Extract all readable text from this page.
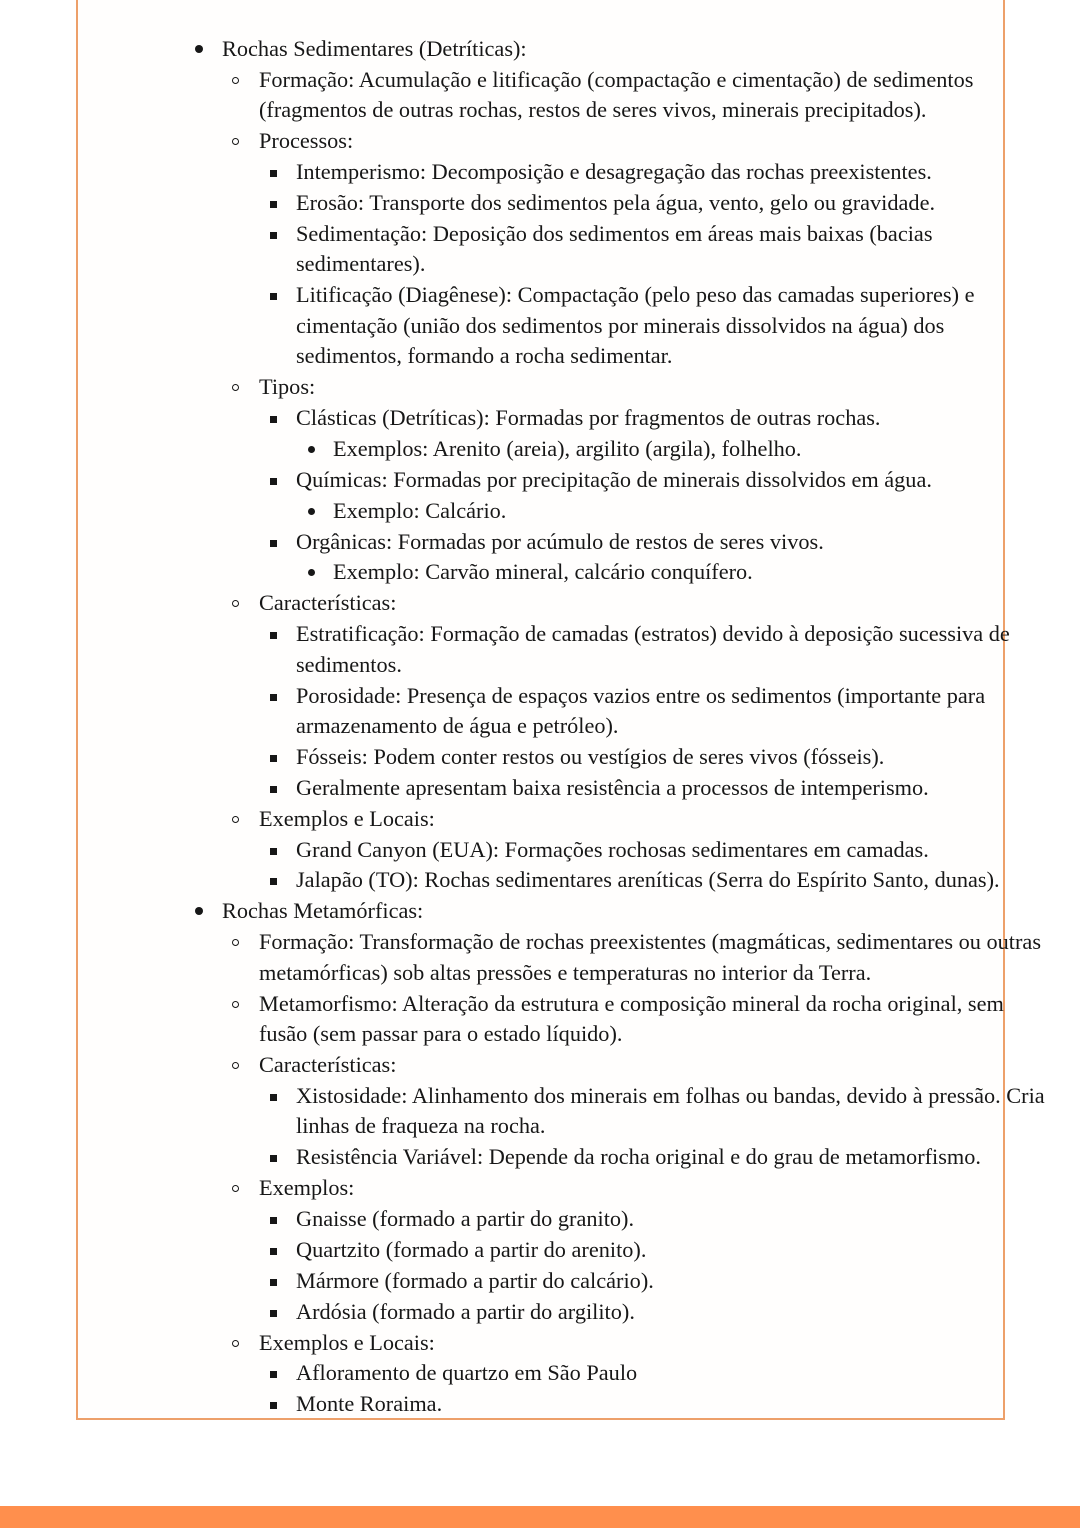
Rochas Sedimentares (Detríticas):
Formação: Acumulação e litificação (compactação e cimentação) de sedimentos (fragmentos de outras rochas, restos de seres vivos, minerais precipitados).
Processos:
Intemperismo: Decomposição e desagregação das rochas preexistentes.
Erosão: Transporte dos sedimentos pela água, vento, gelo ou gravidade.
Sedimentação: Deposição dos sedimentos em áreas mais baixas (bacias sedimentares).
Litificação (Diagênese): Compactação (pelo peso das camadas superiores) e cimentação (união dos sedimentos por minerais dissolvidos na água) dos sedimentos, formando a rocha sedimentar.
Tipos:
Clásticas (Detríticas): Formadas por fragmentos de outras rochas.
Exemplos: Arenito (areia), argilito (argila), folhelho.
Químicas: Formadas por precipitação de minerais dissolvidos em água.
Exemplo: Calcário.
Orgânicas: Formadas por acúmulo de restos de seres vivos.
Exemplo: Carvão mineral, calcário conquífero.
Características:
Estratificação: Formação de camadas (estratos) devido à deposição sucessiva de sedimentos.
Porosidade: Presença de espaços vazios entre os sedimentos (importante para armazenamento de água e petróleo).
Fósseis: Podem conter restos ou vestígios de seres vivos (fósseis).
Geralmente apresentam baixa resistência a processos de intemperismo.
Exemplos e Locais:
Grand Canyon (EUA): Formações rochosas sedimentares em camadas.
Jalapão (TO): Rochas sedimentares areníticas (Serra do Espírito Santo, dunas).
Rochas Metamórficas:
Formação: Transformação de rochas preexistentes (magmáticas, sedimentares ou outras metamórficas) sob altas pressões e temperaturas no interior da Terra.
Metamorfismo: Alteração da estrutura e composição mineral da rocha original, sem fusão (sem passar para o estado líquido).
Características:
Xistosidade: Alinhamento dos minerais em folhas ou bandas, devido à pressão. Cria linhas de fraqueza na rocha.
Resistência Variável: Depende da rocha original e do grau de metamorfismo.
Exemplos:
Gnaisse (formado a partir do granito).
Quartzito (formado a partir do arenito).
Mármore (formado a partir do calcário).
Ardósia (formado a partir do argilito).
Exemplos e Locais:
Afloramento de quartzo em São Paulo
Monte Roraima.
